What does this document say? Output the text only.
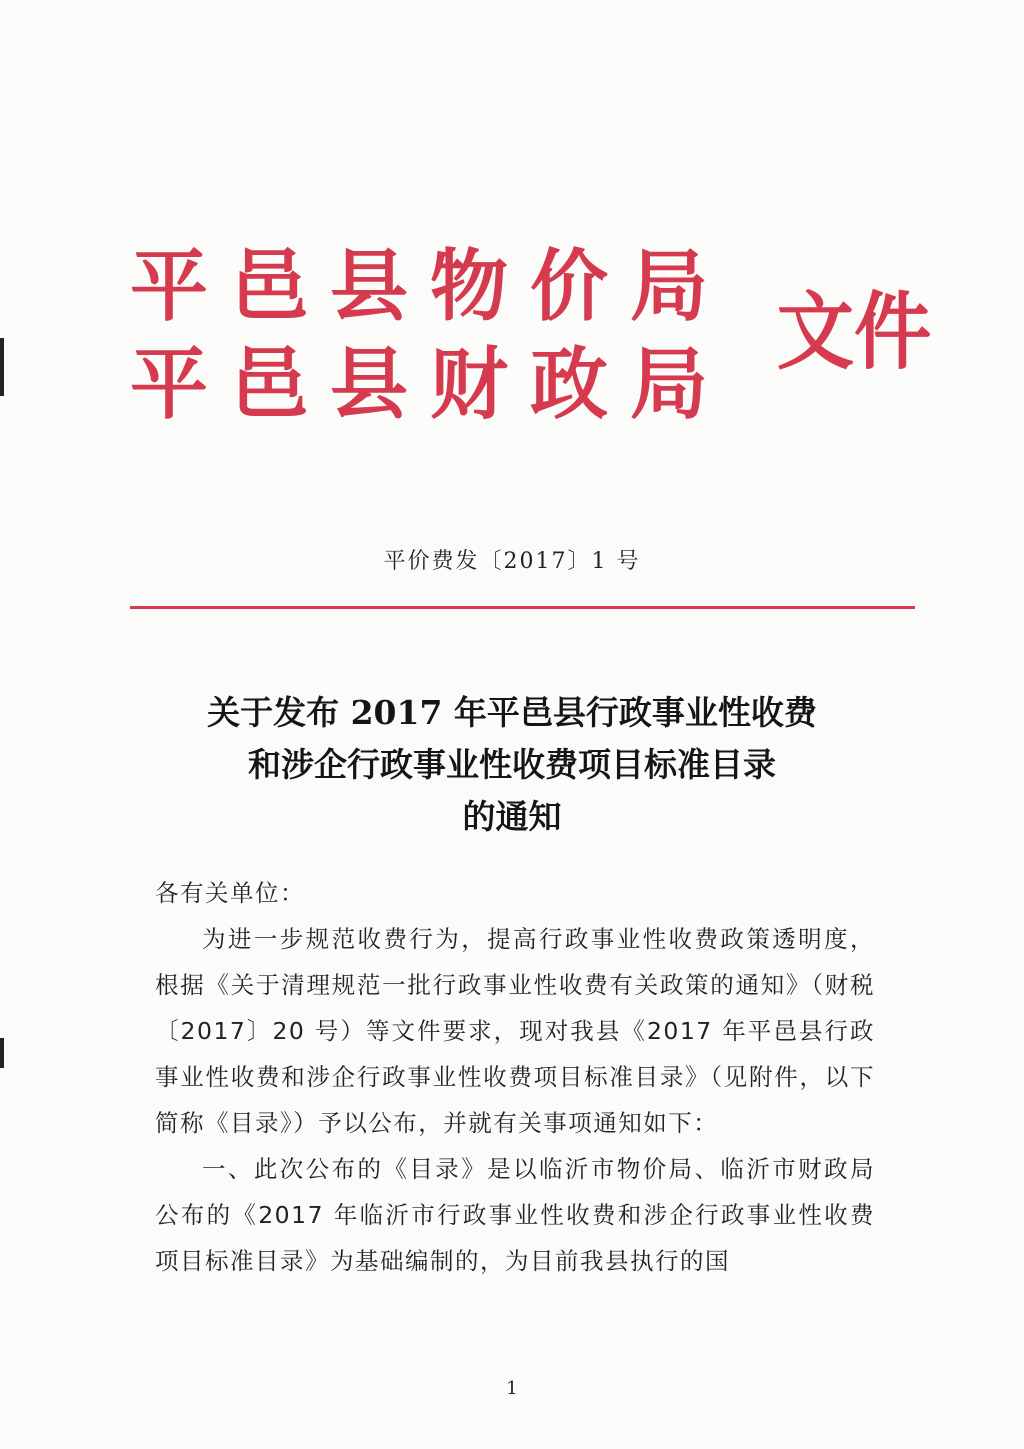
平邑县物价局
平邑县财政局
文件
平价费发〔2017〕1 号
关于发布 2017 年平邑县行政事业性收费
和涉企行政事业性收费项目标准目录
的通知

各有关单位：

为进一步规范收费行为，提高行政事业性收费政策透明度，根据《关于清理规范一批行政事业性收费有关政策的通知》（财税〔2017〕20 号）等文件要求，现对我县《2017 年平邑县行政事业性收费和涉企行政事业性收费项目标准目录》（见附件，以下简称《目录》）予以公布，并就有关事项通知如下：

一、此次公布的《目录》是以临沂市物价局、临沂市财政局公布的《2017 年临沂市行政事业性收费和涉企行政事业性收费项目标准目录》为基础编制的，为目前我县执行的国

1
